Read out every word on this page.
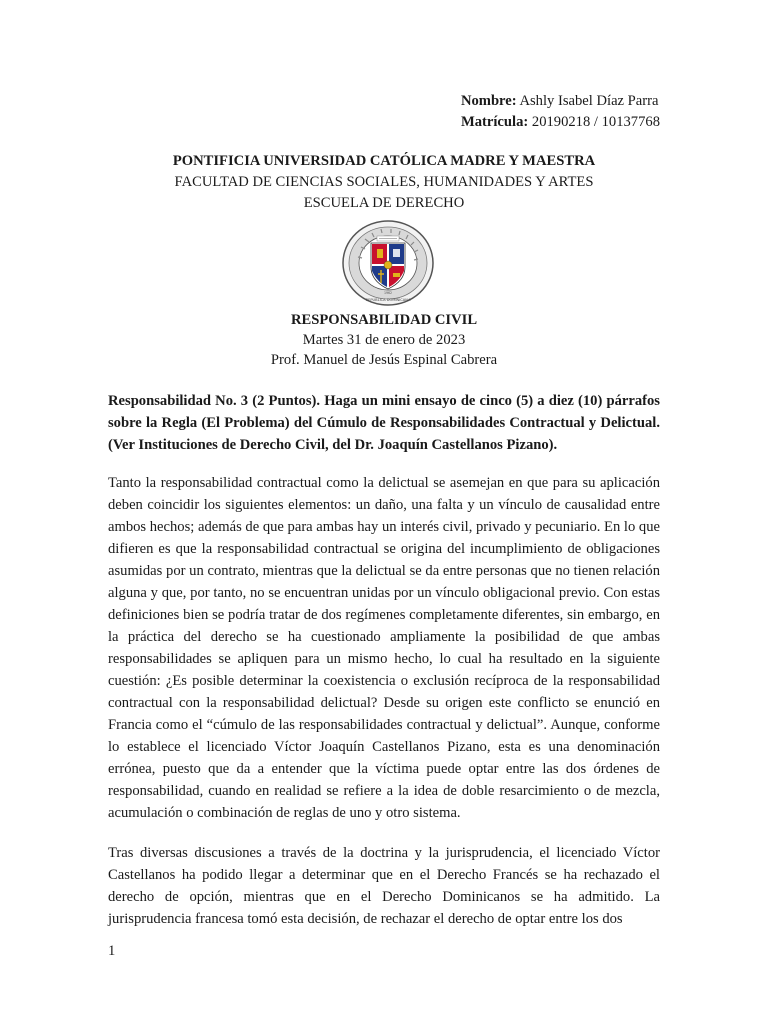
Nombre: Ashly Isabel Díaz Parra
Matrícula: 20190218 / 10137768
PONTIFICIA UNIVERSIDAD CATÓLICA MADRE Y MAESTRA
FACULTAD DE CIENCIAS SOCIALES, HUMANIDADES Y ARTES
ESCUELA DE DERECHO
1962
REPÚBLICA DOMINICANA
RESPONSABILIDAD CIVIL
Martes 31 de enero de 2023
Prof. Manuel de Jesús Espinal Cabrera
Responsabilidad No. 3 (2 Puntos). Haga un mini ensayo de cinco (5) a diez (10) párrafos sobre la Regla (El Problema) del Cúmulo de Responsabilidades Contractual y Delictual. (Ver Instituciones de Derecho Civil, del Dr. Joaquín Castellanos Pizano).
Tanto la responsabilidad contractual como la delictual se asemejan en que para su aplicación deben coincidir los siguientes elementos: un daño, una falta y un vínculo de causalidad entre ambos hechos; además de que para ambas hay un interés civil, privado y pecuniario. En lo que difieren es que la responsabilidad contractual se origina del incumplimiento de obligaciones asumidas por un contrato, mientras que la delictual se da entre personas que no tienen relación alguna y que, por tanto, no se encuentran unidas por un vínculo obligacional previo. Con estas definiciones bien se podría tratar de dos regímenes completamente diferentes, sin embargo, en la práctica del derecho se ha cuestionado ampliamente la posibilidad de que ambas responsabilidades se apliquen para un mismo hecho, lo cual ha resultado en la siguiente cuestión: ¿Es posible determinar la coexistencia o exclusión recíproca de la responsabilidad contractual con la responsabilidad delictual? Desde su origen este conflicto se enunció en Francia como el “cúmulo de las responsabilidades contractual y delictual”. Aunque, conforme lo establece el licenciado Víctor Joaquín Castellanos Pizano, esta es una denominación errónea, puesto que da a entender que la víctima puede optar entre las dos órdenes de responsabilidad, cuando en realidad se refiere a la idea de doble resarcimiento o de mezcla, acumulación o combinación de reglas de uno y otro sistema.
Tras diversas discusiones a través de la doctrina y la jurisprudencia, el licenciado Víctor Castellanos ha podido llegar a determinar que en el Derecho Francés se ha rechazado el derecho de opción, mientras que en el Derecho Dominicanos se ha admitido. La jurisprudencia francesa tomó esta decisión, de rechazar el derecho de optar entre los dos
1
